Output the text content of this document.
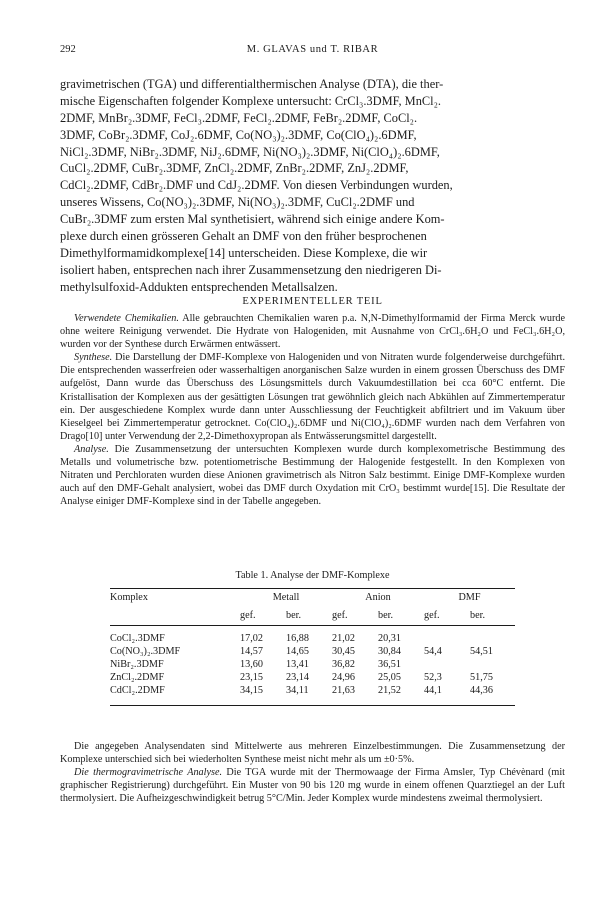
292	M. GLAVAS und T. RIBAR
gravimetrischen (TGA) und differentialthermischen Analyse (DTA), die ther-
mische Eigenschaften folgender Komplexe untersucht: CrCl₃.3DMF, MnCl₂.
2DMF, MnBr₂.3DMF, FeCl₃.2DMF, FeCl₂.2DMF, FeBr₂.2DMF, CoCl₂.
3DMF, CoBr₂.3DMF, CoJ₂.6DMF, Co(NO₃)₂.3DMF, Co(ClO₄)₂.6DMF,
NiCl₂.3DMF, NiBr₂.3DMF, NiJ₂.6DMF, Ni(NO₃)₂.3DMF, Ni(ClO₄)₂.6DMF,
CuCl₂.2DMF, CuBr₂.3DMF, ZnCl₂.2DMF, ZnBr₂.2DMF, ZnJ₂.2DMF,
CdCl₂.2DMF, CdBr₂.DMF und CdJ₂.2DMF. Von diesen Verbindungen wurden,
unseres Wissens, Co(NO₃)₂.3DMF, Ni(NO₃)₂.3DMF, CuCl₂.2DMF und
CuBr₂.3DMF zum ersten Mal synthetisiert, während sich einige andere Kom-
plexe durch einen grösseren Gehalt an DMF von den früher besprochenen
Dimethylformamidkomplexe[14] unterscheiden. Diese Komplexe, die wir
isoliert haben, entsprechen nach ihrer Zusammensetzung den niedrigeren Di-
methylsulfoxid-Addukten entsprechenden Metallsalzen.
EXPERIMENTELLER TEIL

Verwendete Chemikalien. Alle gebrauchten Chemikalien waren p.a. N,N-Dimethylformamid der Firma Merck wurde ohne weitere Reinigung verwendet. Die Hydrate von Halogeniden, mit Ausnahme von CrCl₃.6H₂O und FeCl₃.6H₂O, wurden vor der Synthese durch Erwärmen entwässert.

Synthese. Die Darstellung der DMF-Komplexe von Halogeniden und von Nitraten wurde folgenderweise durchgeführt. Die entsprechenden wasserfreien oder wasserhaltigen anorganischen Salze wurden in einem grossen Überschuss des DMF aufgelöst, Dann wurde das Überschuss des Lösungsmittels durch Vakuumdestillation bei cca 60°C entfernt. Die Kristallisation der Komplexen aus der gesättigten Lösungen trat gewöhnlich gleich nach Abkühlen auf Zimmertemperatur ein. Der ausgeschiedene Komplex wurde dann unter Ausschliessung der Feuchtigkeit abfiltriert und im Vakuum über Kieselgeel bei Zimmertemperatur getrocknet. Co(ClO₄)₂.6DMF und Ni(ClO₄)₂.6DMF wurden nach dem Verfahren von Drago[10] unter Verwendung der 2,2-Dimethoxypropan als Entwässerungsmittel dargestellt.

Analyse. Die Zusammensetzung der untersuchten Komplexen wurde durch komplexometrische Bestimmung des Metalls und volumetrische bzw. potentiometrische Bestimmung der Halogenide festgestellt. In den Komplexen von Nitraten und Perchloraten wurden diese Anionen gravimetrisch als Nitron Salz bestimmt. Einige DMF-Komplexe wurden auch auf den DMF-Gehalt analysiert, wobei das DMF durch Oxydation mit CrO₃ bestimmt wurde[15]. Die Resultate der Analyse einiger DMF-Komplexe sind in der Tabelle angegeben.

Table 1. Analyse der DMF-Komplexe
Komplex	Metall		Anion		DMF	
	gef.	ber.	gef.	ber.	gef.	ber.

CoCl₂.3DMF	17,02	16,88	21,02	20,31		
Co(NO₃)₂.3DMF	14,57	14,65	30,45	30,84	54,4	54,51
NiBr₂.3DMF	13,60	13,41	36,82	36,51		
ZnCl₂.2DMF	23,15	23,14	24,96	25,05	52,3	51,75
CdCl₂.2DMF	34,15	34,11	21,63	21,52	44,1	44,36

Die angegeben Analysendaten sind Mittelwerte aus mehreren Einzelbestimmungen. Die Zusammensetzung der Komplexe unterschied sich bei wiederholten Synthese meist nicht mehr als um ±0·5%.

Die thermogravimetrische Analyse. Die TGA wurde mit der Thermowaage der Firma Amsler, Typ Chévènard (mit graphischer Registrierung) durchgeführt. Ein Muster von 90 bis 120 mg wurde in einem offenen Quarztiegel an der Luft thermolysiert. Die Aufheizgeschwindigkeit betrug 5°C/Min. Jeder Komplex wurde mindestens zweimal thermolysiert.
